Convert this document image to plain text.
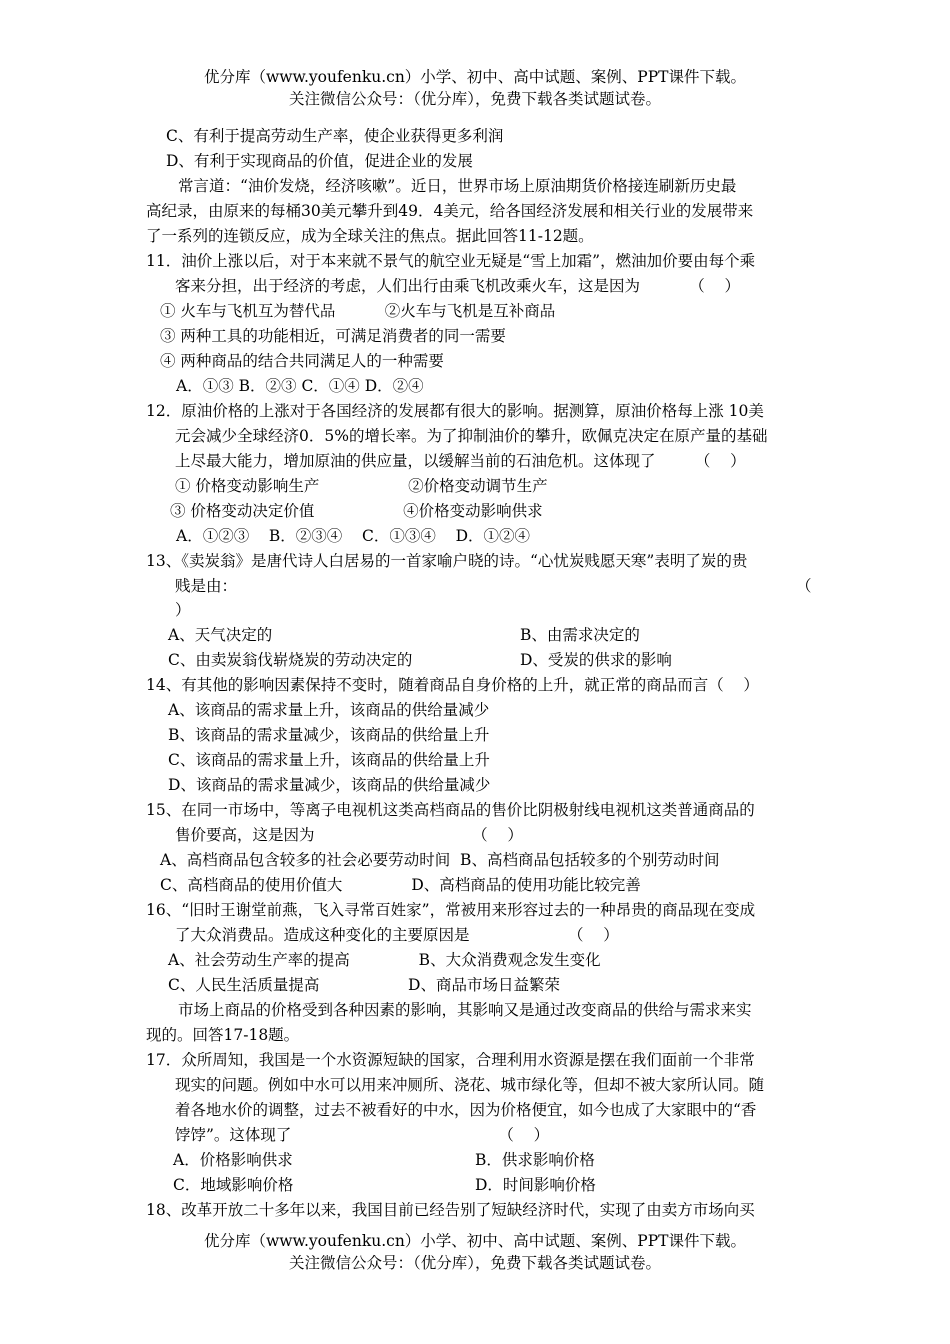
优分库（www.youfenku.cn）小学、初中、高中试题、案例、PPT课件下载。
关注微信公众号：（优分库），免费下载各类试题试卷。
C、有利于提高劳动生产率，使企业获得更多利润
D、有利于实现商品的价值，促进企业的发展
常言道：“油价发烧，经济咳嗽”。近日，世界市场上原油期货价格接连刷新历史最
高纪录，由原来的每桶30美元攀升到49．4美元，给各国经济发展和相关行业的发展带来
了一系列的连锁反应，成为全球关注的焦点。据此回答11-12题。
11．油价上涨以后，对于本来就不景气的航空业无疑是“雪上加霜”，燃油加价要由每个乘
客来分担，出于经济的考虑，人们出行由乘飞机改乘火车，这是因为          （    ）
① 火车与飞机互为替代品          ②火车与飞机是互补商品
③ 两种工具的功能相近，可满足消费者的同一需要
④ 两种商品的结合共同满足人的一种需要
A．①③ B．②③ C．①④ D．②④
12．原油价格的上涨对于各国经济的发展都有很大的影响。据测算，原油价格每上涨 10美
元会减少全球经济0．5%的增长率。为了抑制油价的攀升，欧佩克决定在原产量的基础
上尽最大能力，增加原油的供应量，以缓解当前的石油危机。这体现了        （    ）
① 价格变动影响生产                  ②价格变动调节生产
③ 价格变动决定价值                  ④价格变动影响供求
A．①②③    B．②③④    C．①③④    D．①②④
13、《卖炭翁》是唐代诗人白居易的一首家喻户晓的诗。“心忧炭贱愿天寒”表明了炭的贵
贱是由：	（
）
A、天气决定的	B、由需求决定的
C、由卖炭翁伐崭烧炭的劳动决定的	D、受炭的供求的影响
14、有其他的影响因素保持不变时，随着商品自身价格的上升，就正常的商品而言（    ）
A、该商品的需求量上升，该商品的供给量减少
B、该商品的需求量减少，该商品的供给量上升
C、该商品的需求量上升，该商品的供给量上升
D、该商品的需求量减少，该商品的供给量减少
15、在同一市场中，等离子电视机这类高档商品的售价比阴极射线电视机这类普通商品的
售价要高，这是因为                                （    ）
A、高档商品包含较多的社会必要劳动时间  B、高档商品包括较多的个别劳动时间
C、高档商品的使用价值大              D、高档商品的使用功能比较完善
16、“旧时王谢堂前燕，飞入寻常百姓家”，常被用来形容过去的一种昂贵的商品现在变成
了大众消费品。造成这种变化的主要原因是                    （    ）
A、社会劳动生产率的提高              B、大众消费观念发生变化
C、人民生活质量提高                  D、商品市场日益繁荣
市场上商品的价格受到各种因素的影响，其影响又是通过改变商品的供给与需求来实
现的。回答17-18题。
17．众所周知，我国是一个水资源短缺的国家，合理利用水资源是摆在我们面前一个非常
现实的问题。例如中水可以用来冲厕所、浇花、城市绿化等，但却不被大家所认同。随
着各地水价的调整，过去不被看好的中水，因为价格便宜，如今也成了大家眼中的“香
饽饽”。这体现了                                          （    ）
A．价格影响供求	B．供求影响价格
C．地域影响价格	D．时间影响价格
18、改革开放二十多年以来，我国目前已经告别了短缺经济时代，实现了由卖方市场向买
优分库（www.youfenku.cn）小学、初中、高中试题、案例、PPT课件下载。
关注微信公众号：（优分库），免费下载各类试题试卷。
